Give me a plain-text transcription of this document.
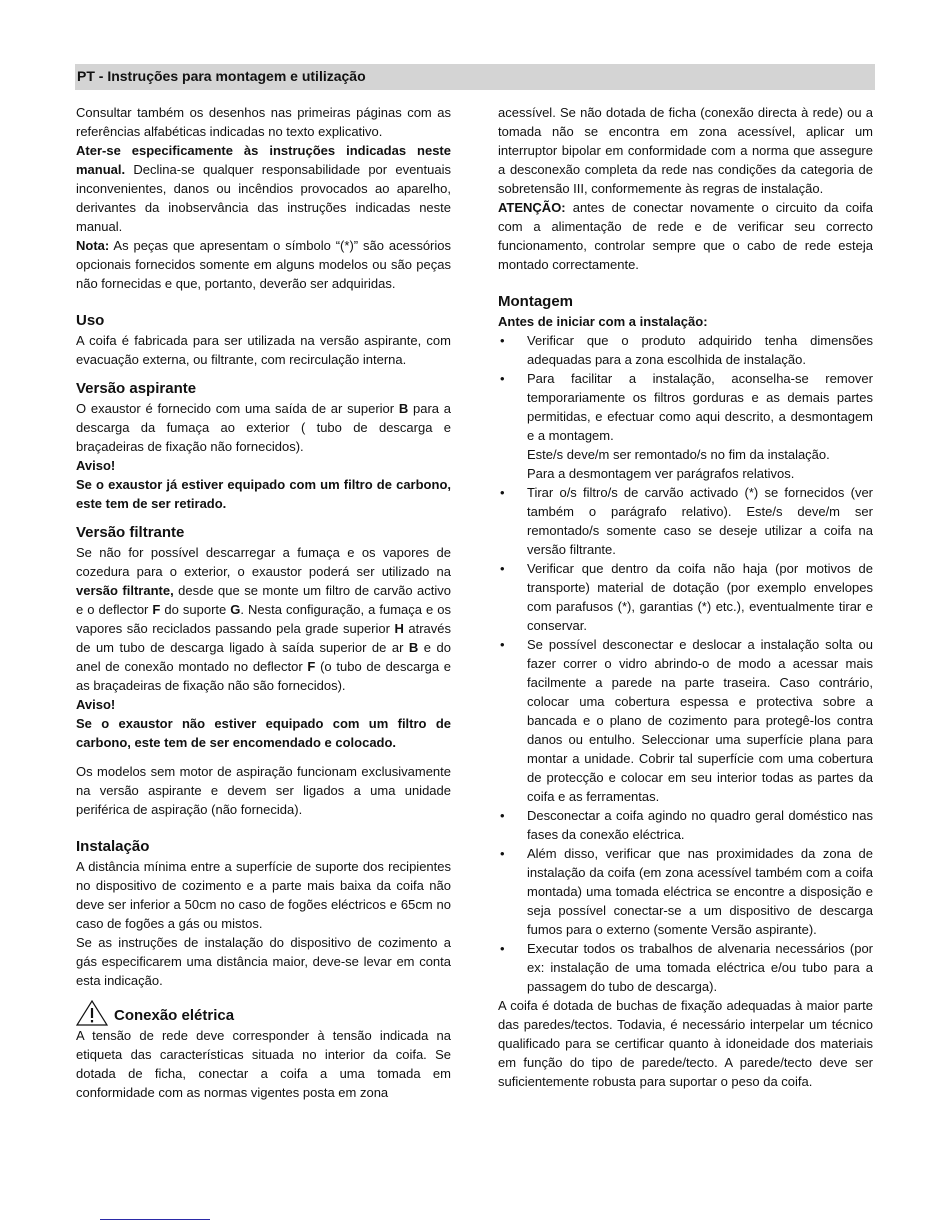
PT - Instruções para montagem e utilização

Consultar também os desenhos nas primeiras páginas com as referências alfabéticas indicadas no texto explicativo.

Ater-se especificamente às instruções indicadas neste manual. Declina-se qualquer responsabilidade por eventuais inconvenientes, danos ou incêndios provocados ao aparelho, derivantes da inobservância das instruções indicadas neste manual.

Nota: As peças que apresentam o símbolo “(*)” são acessórios opcionais fornecidos somente em alguns modelos ou são peças não fornecidas e que, portanto, deverão ser adquiridas.

Uso

A coifa é fabricada para ser utilizada na versão aspirante, com evacuação externa, ou filtrante, com recirculação interna.

Versão aspirante

O exaustor é fornecido com uma saída de ar superior B para a descarga da fumaça ao exterior ( tubo de descarga e braçadeiras de fixação não fornecidos).

Aviso!

Se o exaustor já estiver equipado com um filtro de carbono, este tem de ser retirado.

Versão filtrante

Se não for possível descarregar a fumaça e os vapores de cozedura para o exterior, o exaustor poderá ser utilizado na versão filtrante, desde que se monte um filtro de carvão activo e o deflector F do suporte G. Nesta configuração, a fumaça e os vapores são reciclados passando pela grade superior H através de um tubo de descarga ligado à saída superior de ar B e do anel de conexão montado no deflector F (o tubo de descarga e as braçadeiras de fixação não são fornecidos).

Aviso!

Se o exaustor não estiver equipado com um filtro de carbono, este tem de ser encomendado e colocado.

Os modelos sem motor de aspiração funcionam exclusivamente na versão aspirante e devem ser ligados a uma unidade periférica de aspiração (não fornecida).

Instalação

A distância mínima entre a superfície de suporte dos recipientes no dispositivo de cozimento e a parte mais baixa da coifa não deve ser inferior a 50cm no caso de fogões eléctricos e 65cm no caso de fogões a gás ou mistos.

Se as instruções de instalação do dispositivo de cozimento a gás especificarem uma distância maior, deve-se levar em conta esta indicação.

Conexão elétrica

A tensão de rede deve corresponder à tensão indicada na etiqueta das características situada no interior da coifa. Se dotada de ficha, conectar a coifa a uma tomada em conformidade com as normas vigentes posta em zona

acessível. Se não dotada de ficha (conexão directa à rede) ou a tomada não se encontra em zona acessível, aplicar um interruptor bipolar em conformidade com a norma que assegure a desconexão completa da rede nas condições da categoria de sobretensão III, conformemente às regras de instalação.

ATENÇÃO: antes de conectar novamente o circuito da coifa com a alimentação de rede e de verificar seu correcto funcionamento, controlar sempre que o cabo de rede esteja montado correctamente.

Montagem

Antes de iniciar com a instalação:

• Verificar que o produto adquirido tenha dimensões adequadas para a zona escolhida de instalação.
• Para facilitar a instalação, aconselha-se remover temporariamente os filtros gorduras e as demais partes permitidas, e efectuar como aqui descrito, a desmontagem e a montagem.
Este/s deve/m ser remontado/s no fim da instalação.
Para a desmontagem ver parágrafos relativos.
• Tirar o/s filtro/s de carvão activado (*) se fornecidos (ver também o parágrafo relativo). Este/s deve/m ser remontado/s somente caso se deseje utilizar a coifa na versão filtrante.
• Verificar que dentro da coifa não haja (por motivos de transporte) material de dotação (por exemplo envelopes com parafusos (*), garantias (*) etc.), eventualmente tirar e conservar.
• Se possível desconectar e deslocar a instalação solta ou fazer correr o vidro abrindo-o de modo a acessar mais facilmente a parede na parte traseira. Caso contrário, colocar uma cobertura espessa e protectiva sobre a bancada e o plano de cozimento para protegê-los contra danos ou entulho. Seleccionar uma superfície plana para montar a unidade. Cobrir tal superfície com uma cobertura de protecção e colocar em seu interior todas as partes da coifa e as ferramentas.
• Desconectar a coifa agindo no quadro geral doméstico nas fases da conexão eléctrica.
• Além disso, verificar que nas proximidades da zona de instalação da coifa (em zona acessível também com a coifa montada) uma tomada eléctrica se encontre a disposição e seja possível conectar-se a um dispositivo de descarga fumos para o externo (somente Versão aspirante).
• Executar todos os trabalhos de alvenaria necessários (por ex: instalação de uma tomada eléctrica e/ou tubo para a passagem do tubo de descarga).

A coifa é dotada de buchas de fixação adequadas à maior parte das paredes/tectos. Todavia, é necessário interpelar um técnico qualificado para se certificar quanto à idoneidade dos materiais em função do tipo de parede/tecto. A parede/tecto deve ser suficientemente robusta para suportar o peso da coifa.
